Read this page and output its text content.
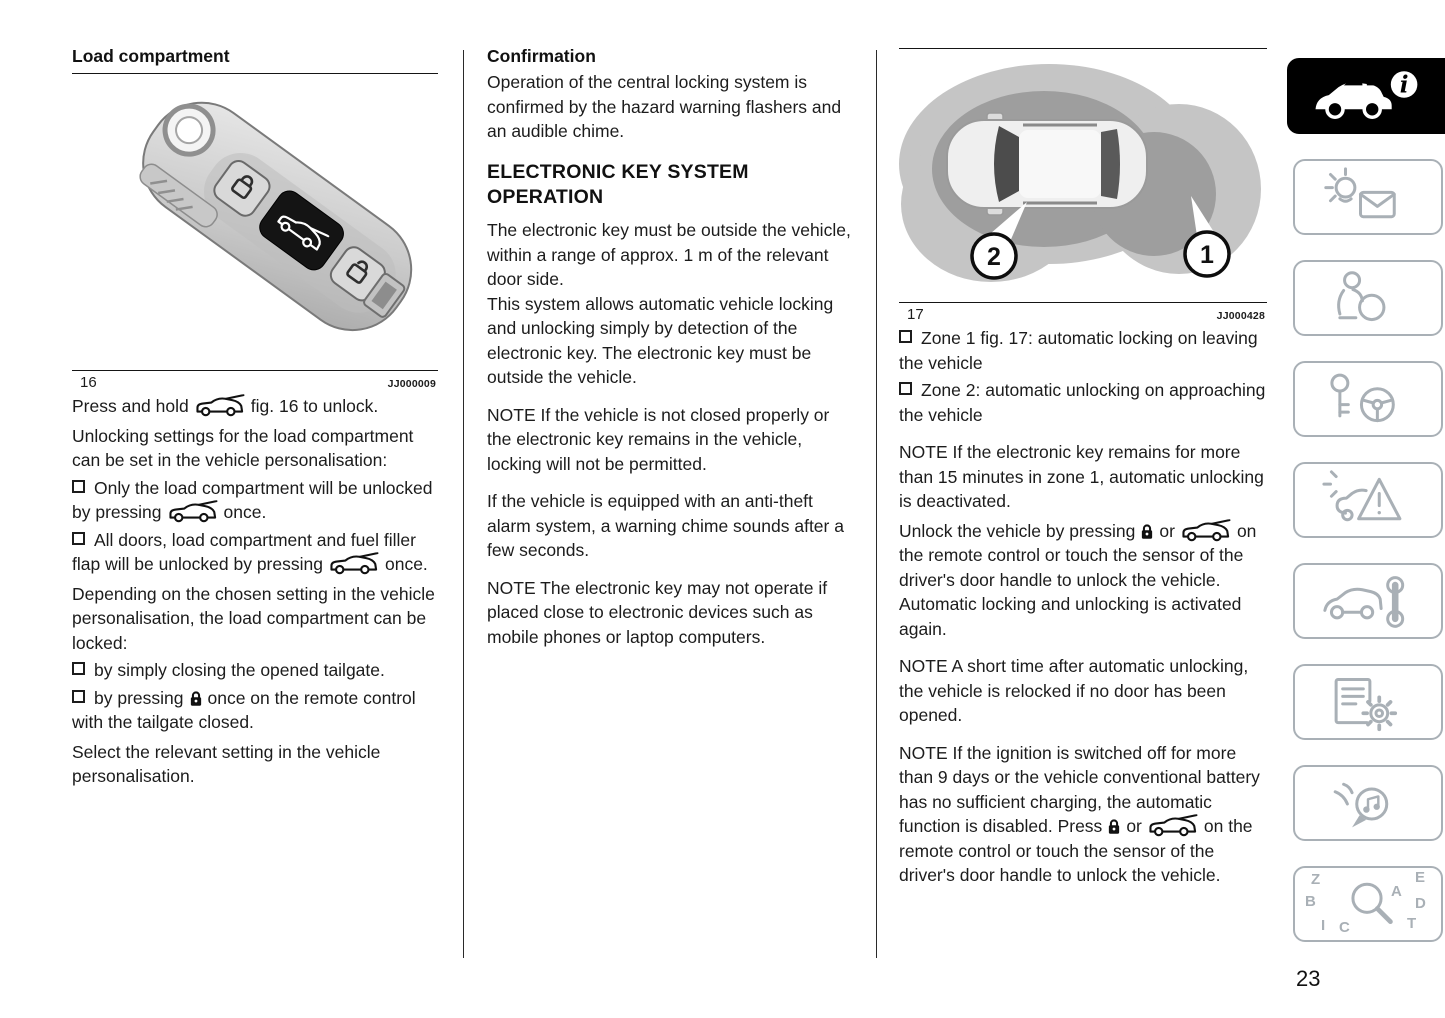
Load compartment
16	JJ000009

Press and hold	fig. 16 to unlock.

Unlocking settings for the load compartment can be set in the vehicle personalisation:

Only the load compartment will be unlocked by pressing	once.

All doors, load compartment and fuel filler flap will be unlocked by pressing	once.

Depending on the chosen setting in the vehicle personalisation, the load compartment can be locked:

by simply closing the opened tailgate.

by pressing once on the remote control with the tailgate closed.

Select the relevant setting in the vehicle personalisation.

Confirmation

Operation of the central locking system is confirmed by the hazard warning flashers and an audible chime.

ELECTRONIC KEY SYSTEM OPERATION

The electronic key must be outside the vehicle, within a range of approx. 1 m of the relevant door side.

This system allows automatic vehicle locking and unlocking simply by detection of the electronic key. The electronic key must be outside the vehicle.

NOTE If the vehicle is not closed properly or the electronic key remains in the vehicle, locking will not be permitted.

If the vehicle is equipped with an anti-theft alarm system, a warning chime sounds after a few seconds.

NOTE The electronic key may not operate if placed close to electronic devices such as mobile phones or laptop computers.

2	1
17	JJ000428

Zone 1 fig. 17: automatic locking on leaving the vehicle

Zone 2: automatic unlocking on approaching the vehicle

NOTE If the electronic key remains for more than 15 minutes in zone 1, automatic unlocking is deactivated.

Unlock the vehicle by pressing or	on the remote control or touch the sensor of the driver's door handle to unlock the vehicle. Automatic locking and unlocking is activated again.

NOTE A short time after automatic unlocking, the vehicle is relocked if no door has been opened.

NOTE If the ignition is switched off for more than 9 days or the vehicle conventional battery has no sufficient charging, the automatic function is disabled. Press or	on the remote control or touch the sensor of the driver's door handle to unlock the vehicle.

i
Z	E
A
B	D
I C	T
23
